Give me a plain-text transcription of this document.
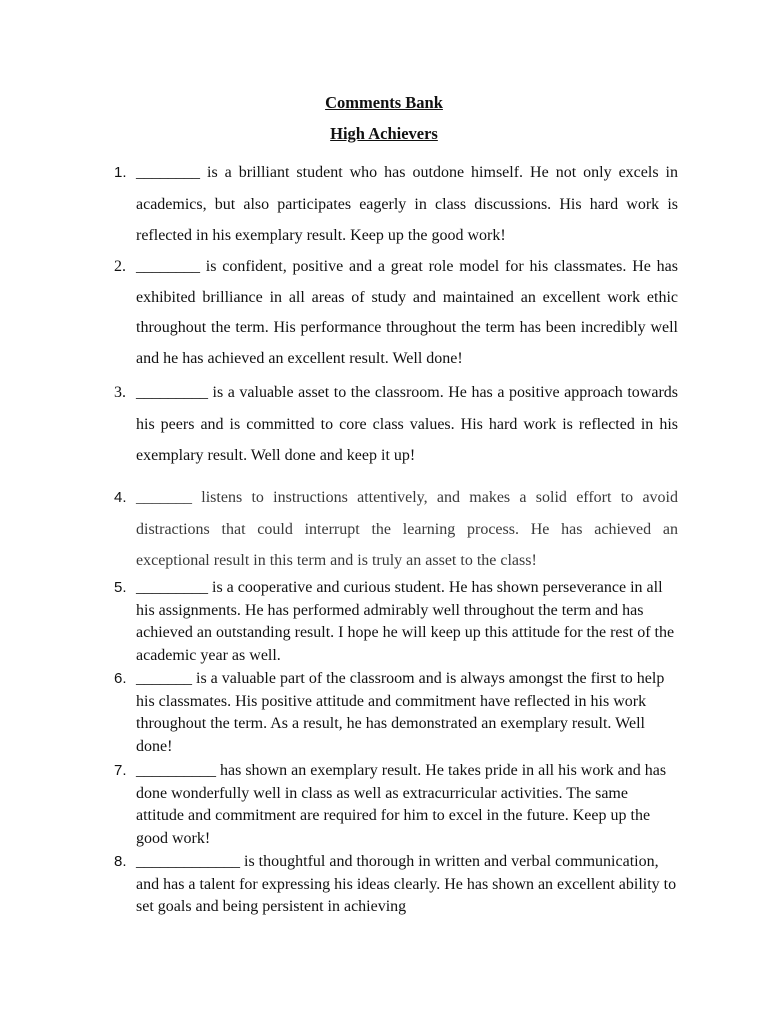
Comments Bank
High Achievers
1. ________ is a brilliant student who has outdone himself. He not only excels in academics, but also participates eagerly in class discussions. His hard work is reflected in his exemplary result. Keep up the good work!
2. ________ is confident, positive and a great role model for his classmates. He has exhibited brilliance in all areas of study and maintained an excellent work ethic throughout the term. His performance throughout the term has been incredibly well and he has achieved an excellent result. Well done!
3. _________ is a valuable asset to the classroom. He has a positive approach towards his peers and is committed to core class values. His hard work is reflected in his exemplary result. Well done and keep it up!
4. _______ listens to instructions attentively, and makes a solid effort to avoid distractions that could interrupt the learning process. He has achieved an exceptional result in this term and is truly an asset to the class!
5. _________ is a cooperative and curious student. He has shown perseverance in all his assignments. He has performed admirably well throughout the term and has achieved an outstanding result. I hope he will keep up this attitude for the rest of the academic year as well.
6. _______ is a valuable part of the classroom and is always amongst the first to help his classmates. His positive attitude and commitment have reflected in his work throughout the term. As a result, he has demonstrated an exemplary result. Well done!
7. __________ has shown an exemplary result. He takes pride in all his work and has done wonderfully well in class as well as extracurricular activities. The same attitude and commitment are required for him to excel in the future. Keep up the good work!
8. _____________ is thoughtful and thorough in written and verbal communication, and has a talent for expressing his ideas clearly. He has shown an excellent ability to set goals and being persistent in achieving
